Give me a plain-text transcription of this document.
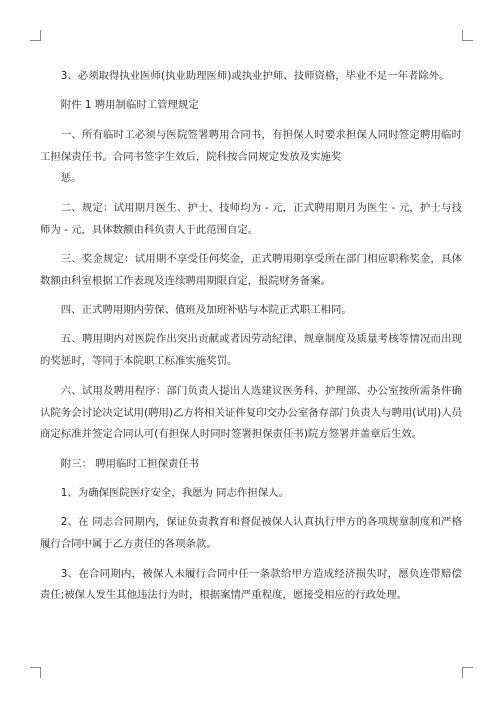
3、必须取得执业医师(执业助理医师)或执业护师、技师资格，毕业不足一年者除外。

附件 1 聘用制临时工管理规定

一、所有临时工必须与医院签署聘用合同书，有担保人时要求担保人同时签定聘用临时工担保责任书。合同书签字生效后，院科按合同规定发放及实施奖

惩。

二、规定：试用期月医生、护士、技师均为 - 元，正式聘用期月为医生 - 元，护士与技师为 - 元，具体数额由科负责人于此范围自定。

三、奖金规定：试用期不享受任何奖金，正式聘用期享受所在部门相应职称奖金，具体数额由科室根据工作表现及连续聘用期限自定，报院财务备案。

四、正式聘用期内劳保、值班及加班补贴与本院正式职工相同。

五、聘用期内对医院作出突出贡献或者因劳动纪律、规章制度及质量考核等情况而出现的奖惩时，等同于本院职工标准实施奖罚。

六、试用及聘用程序：部门负责人提出人选建议医务科、护理部、办公室按所需条件确认院务会讨论决定试用(聘用)乙方将相关证件复印交办公室备存部门负责人与聘用(试用)人员商定标准并签定合同认可(有担保人时同时签署担保责任书)院方签署并盖章后生效。

附三： 聘用临时工担保责任书

1、为确保医院医疗安全，我愿为 同志作担保人。

2、在 同志合同期内，保证负责教育和督促被保人认真执行甲方的各项规章制度和严格履行合同中属于乙方责任的各项条款。

3、在合同期内，被保人未履行合同中任一条款给甲方造成经济损失时，愿负连带赔偿责任;被保人发生其他违法行为时，根据案情严重程度，愿接受相应的行政处理。
